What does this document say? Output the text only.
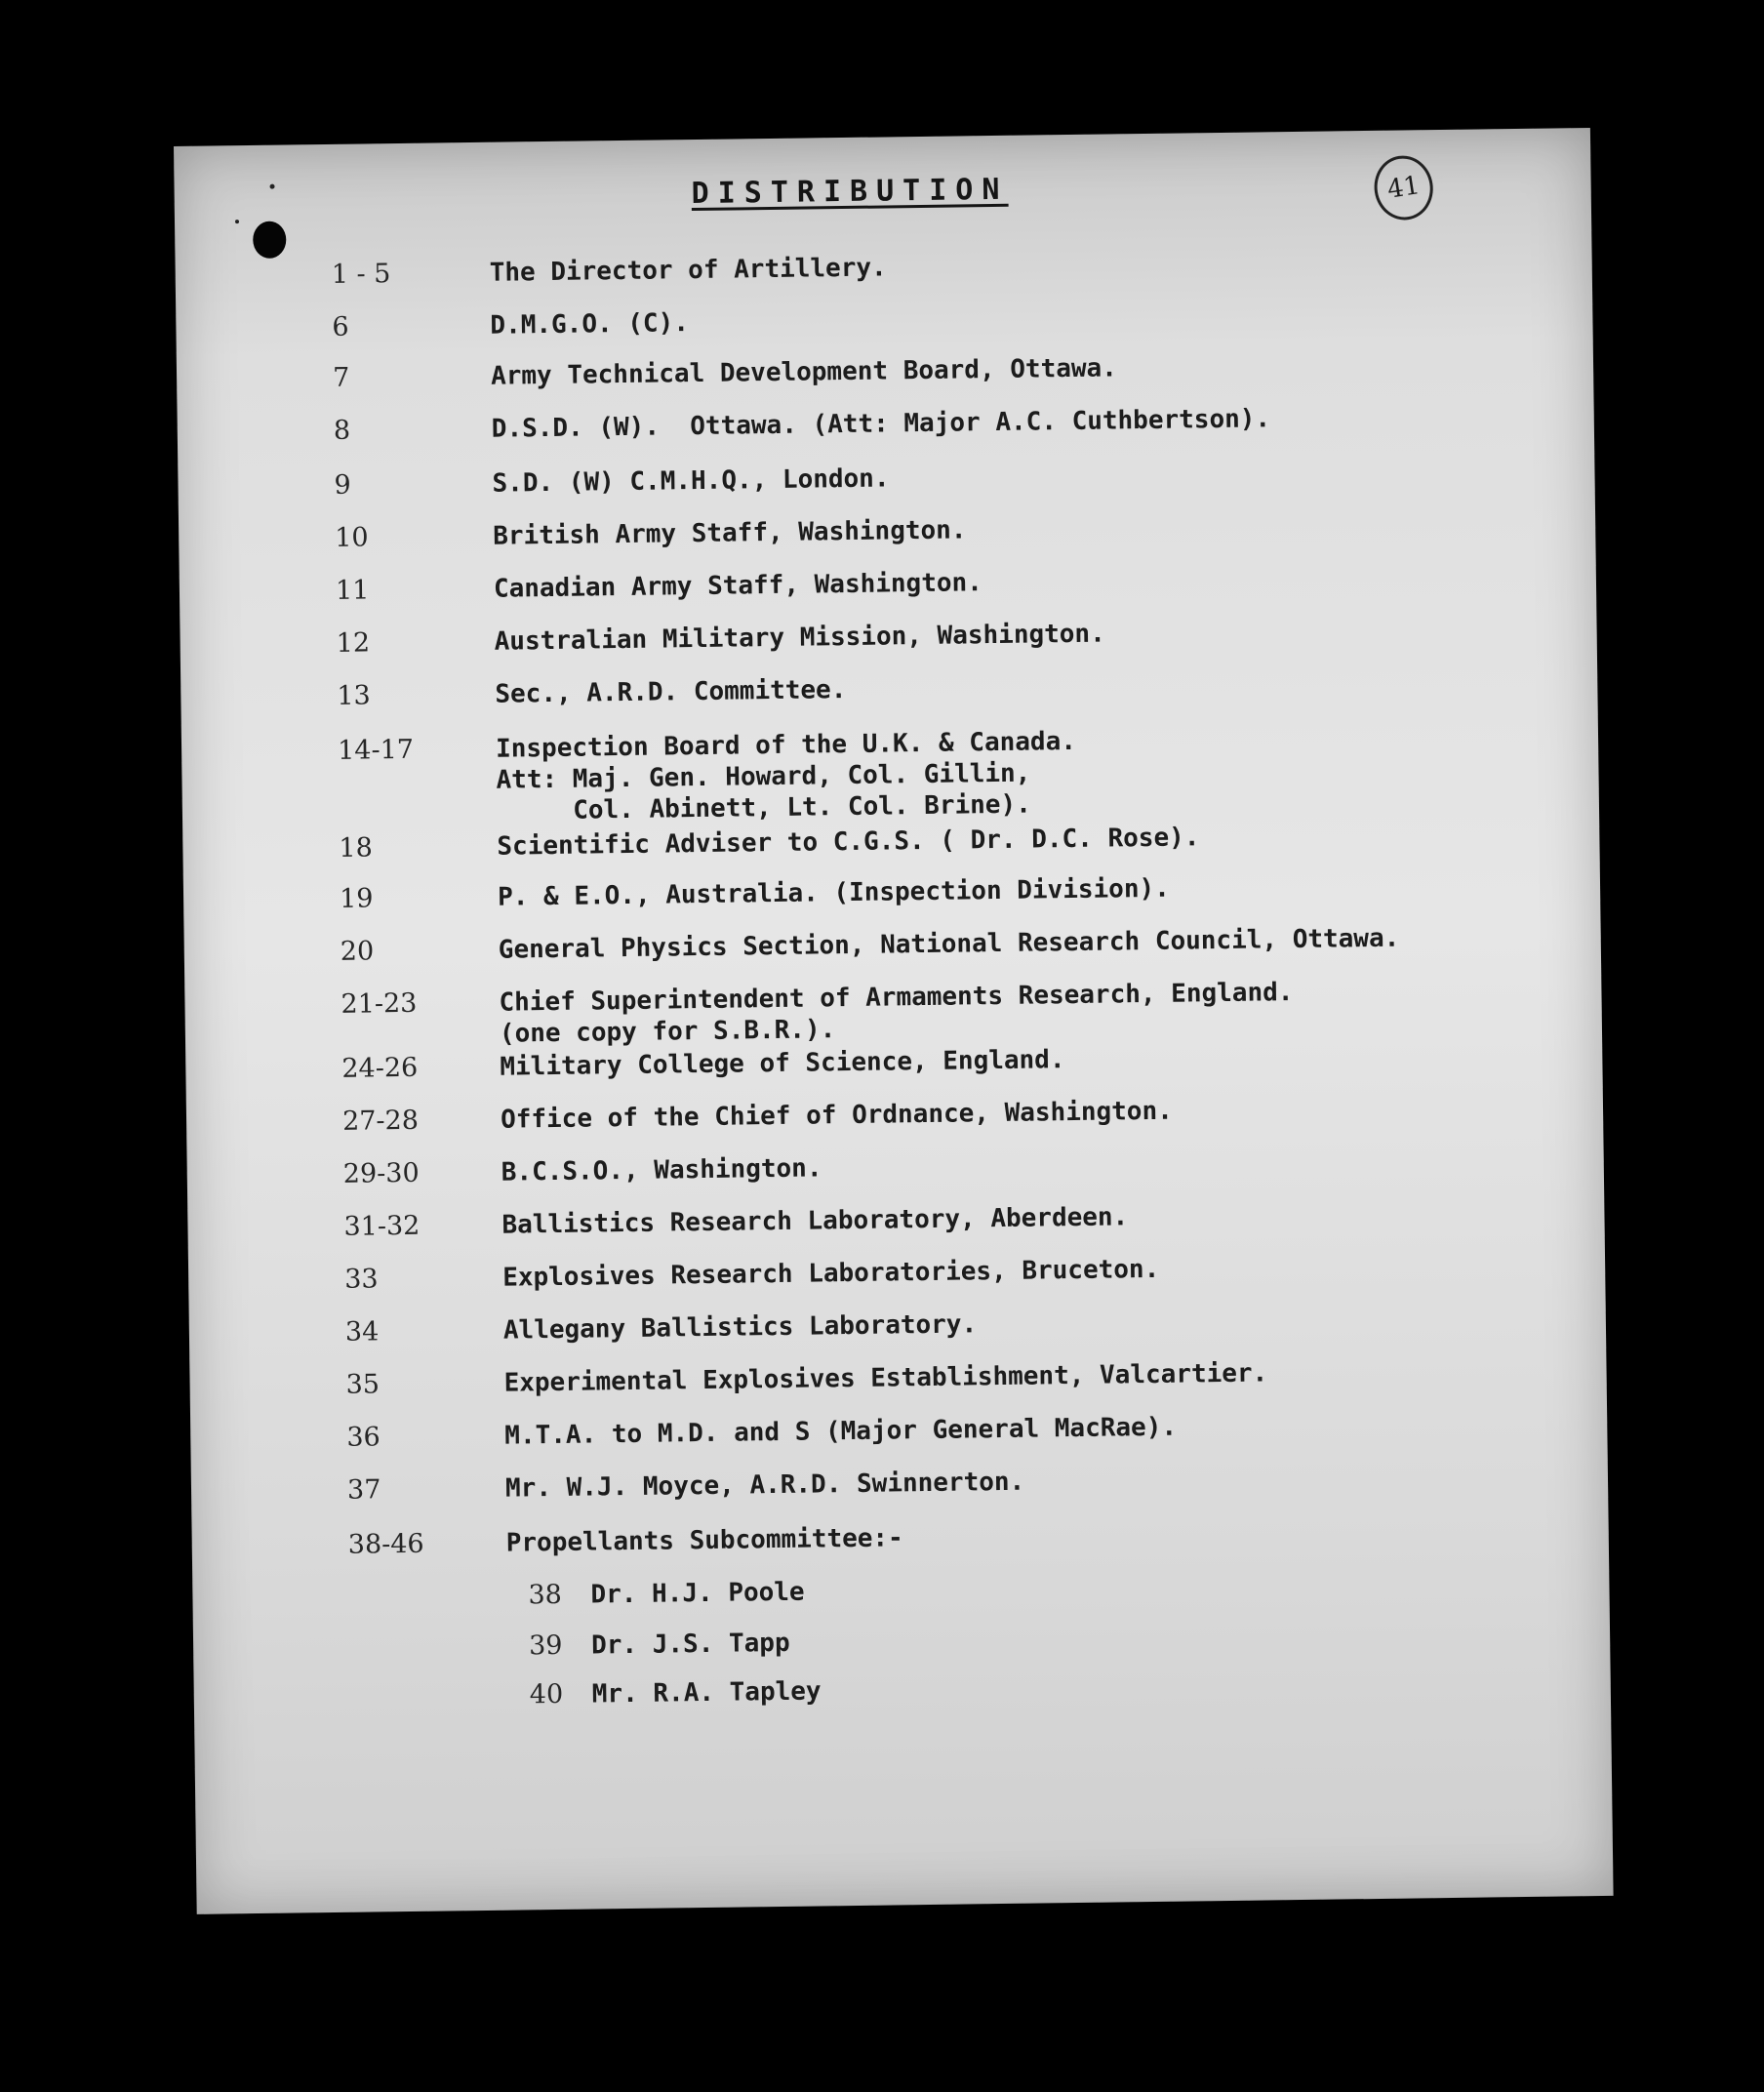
DISTRIBUTION	41
1 - 5	The Director of Artillery.
6	D.M.G.O. (C).
7	Army Technical Development Board, Ottawa.
8	D.S.D. (W).  Ottawa. (Att: Major A.C. Cuthbertson).
9	S.D. (W) C.M.H.Q., London.
10	British Army Staff, Washington.
11	Canadian Army Staff, Washington.
12	Australian Military Mission, Washington.
13	Sec., A.R.D. Committee.
14-17	Inspection Board of the U.K. & Canada.
Att: Maj. Gen. Howard, Col. Gillin,
Col. Abinett, Lt. Col. Brine).
18	Scientific Adviser to C.G.S. ( Dr. D.C. Rose).
19	P. & E.O., Australia. (Inspection Division).
20	General Physics Section, National Research Council, Ottawa.
21-23	Chief Superintendent of Armaments Research, England.
(one copy for S.B.R.).
24-26	Military College of Science, England.
27-28	Office of the Chief of Ordnance, Washington.
29-30	B.C.S.O., Washington.
31-32	Ballistics Research Laboratory, Aberdeen.
33	Explosives Research Laboratories, Bruceton.
34	Allegany Ballistics Laboratory.
35	Experimental Explosives Establishment, Valcartier.
36	M.T.A. to M.D. and S (Major General MacRae).
37	Mr. W.J. Moyce, A.R.D. Swinnerton.
38-46	Propellants Subcommittee:-
38 Dr. H.J. Poole
39 Dr. J.S. Tapp
40 Mr. R.A. Tapley
